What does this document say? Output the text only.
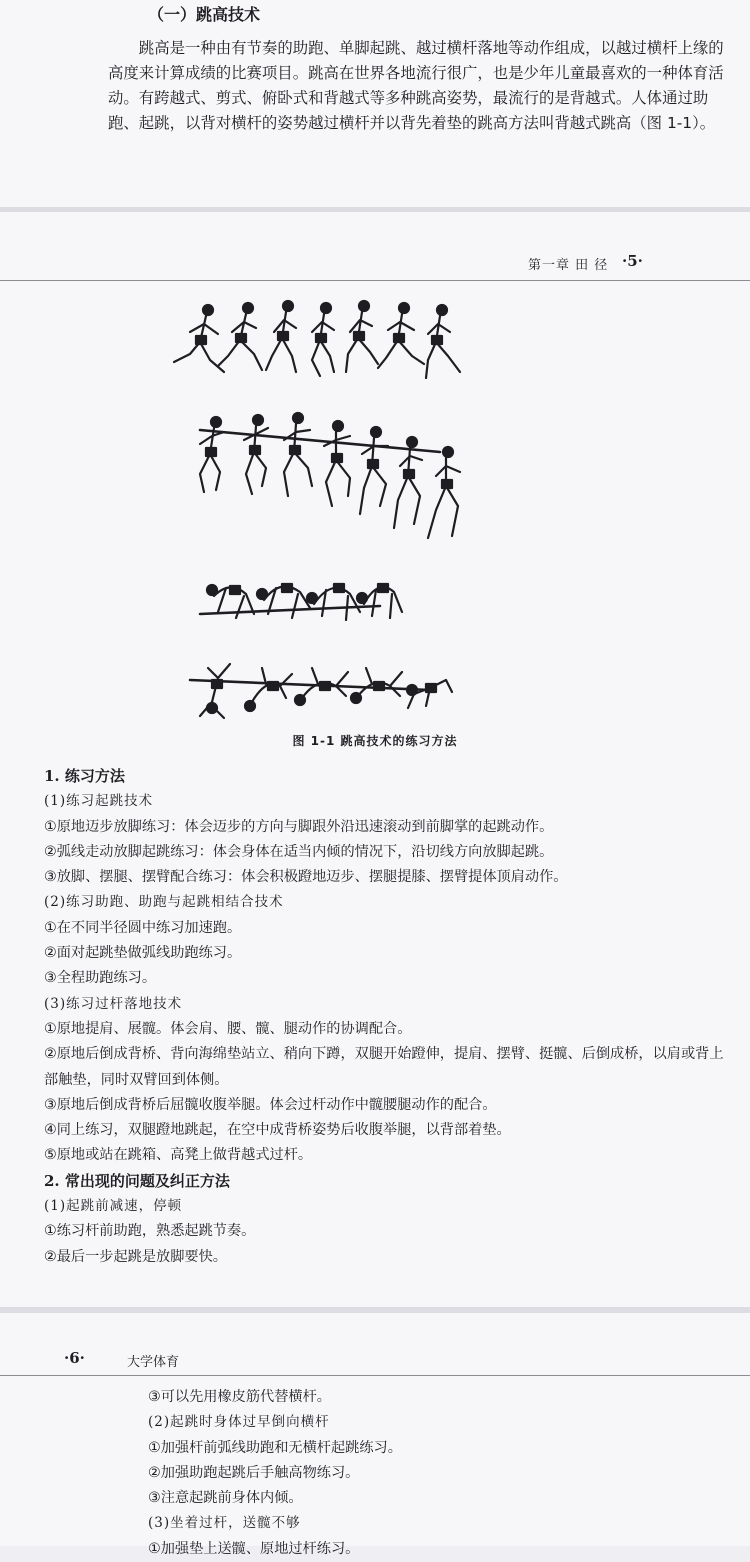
（一）跳高技术
跳高是一种由有节奏的助跑、单脚起跳、越过横杆落地等动作组成，以越过横杆上缘的高度来计算成绩的比赛项目。跳高在世界各地流行很广，也是少年儿童最喜欢的一种体育活动。有跨越式、剪式、俯卧式和背越式等多种跳高姿势，最流行的是背越式。人体通过助跑、起跳，以背对横杆的姿势越过横杆并以背先着垫的跳高方法叫背越式跳高（图 1-1）。
第一章 田 径 ·5·
图 1-1 跳高技术的练习方法
1. 练习方法
(1)练习起跳技术
①原地迈步放脚练习：体会迈步的方向与脚跟外沿迅速滚动到前脚掌的起跳动作。
②弧线走动放脚起跳练习：体会身体在适当内倾的情况下，沿切线方向放脚起跳。
③放脚、摆腿、摆臂配合练习：体会积极蹬地迈步、摆腿提膝、摆臂提体顶肩动作。
(2)练习助跑、助跑与起跳相结合技术
①在不同半径圆中练习加速跑。
②面对起跳垫做弧线助跑练习。
③全程助跑练习。
(3)练习过杆落地技术
①原地提肩、展髋。体会肩、腰、髋、腿动作的协调配合。
②原地后倒成背桥、背向海绵垫站立、稍向下蹲，双腿开始蹬伸，提肩、摆臂、挺髋、后倒成桥，以肩或背上部触垫，同时双臂回到体侧。
③原地后倒成背桥后屈髋收腹举腿。体会过杆动作中髋腰腿动作的配合。
④同上练习，双腿蹬地跳起，在空中成背桥姿势后收腹举腿，以背部着垫。
⑤原地或站在跳箱、高凳上做背越式过杆。
2. 常出现的问题及纠正方法
(1)起跳前减速，停顿
①练习杆前助跑，熟悉起跳节奏。
②最后一步起跳是放脚要快。
·6·	大学体育
③可以先用橡皮筋代替横杆。
(2)起跳时身体过早倒向横杆
①加强杆前弧线助跑和无横杆起跳练习。
②加强助跑起跳后手触高物练习。
③注意起跳前身体内倾。
(3)坐着过杆，送髋不够
①加强垫上送髋、原地过杆练习。
